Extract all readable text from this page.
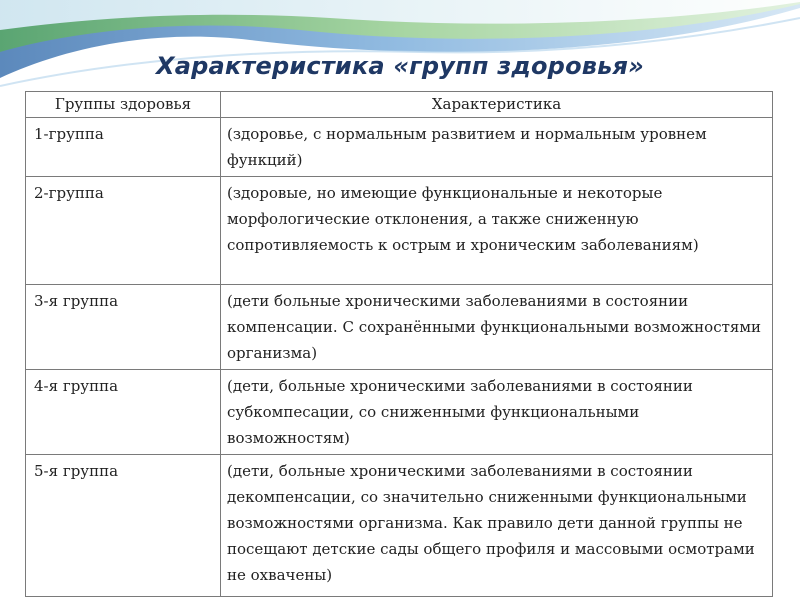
Характеристика «групп здоровья»
Группы здоровья	Характеристика
1-группа	(здоровье, с нормальным развитием и нормальным уровнем функций)
2-группа	(здоровые, но имеющие функциональные и некоторые морфологические отклонения, а также сниженную сопротивляемость к острым и хроническим заболеваниям)
3-я группа	(дети больные хроническими заболеваниями в состоянии компенсации. С сохранёнными функциональными возможностями организма)
4-я группа	(дети, больные хроническими заболеваниями в состоянии субкомпесации, со сниженными функциональными возможностям)
5-я группа	(дети, больные хроническими заболеваниями в состоянии декомпенсации, со значительно сниженными функциональными возможностями организма. Как правило дети данной группы не посещают детские сады общего профиля и массовыми осмотрами не охвачены)
